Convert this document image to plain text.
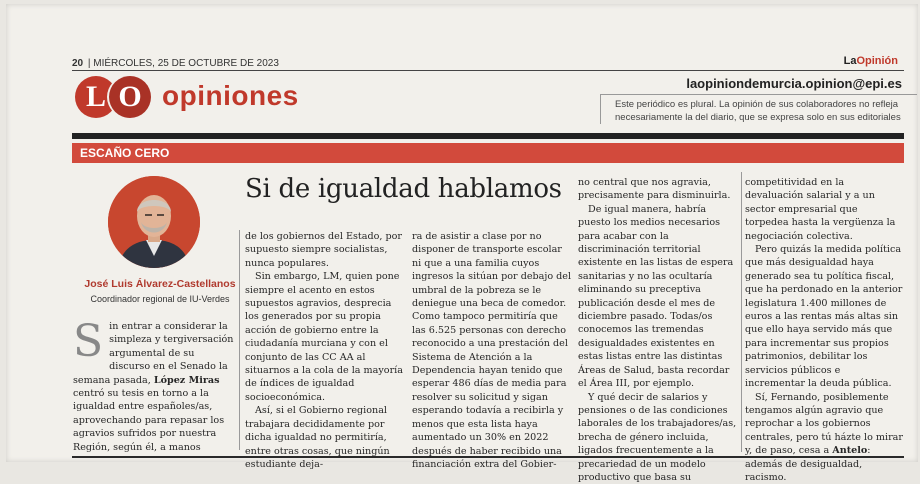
20 | MIÉRCOLES, 25 DE OCTUBRE DE 2023	LaOpinión
L O opiniones	laopiniondemurcia.opinion@epi.es
Este periódico es plural. La opinión de sus colaboradores no refleja necesariamente la del diario, que se expresa solo en sus editoriales
ESCAÑO CERO
José Luis Álvarez-Castellanos
Coordinador regional de IU-Verdes
Si de igualdad hablamos
S in entrar a considerar la simpleza y tergiversación argumental de su discurso en el Senado la semana pasada, López Miras centró su tesis en torno a la igualdad entre españoles/as, aprovechando para repasar los agravios sufridos por nuestra Región, según él, a manos

de los gobiernos del Estado, por supuesto siempre socialistas, nunca populares.

Sin embargo, LM, quien pone siempre el acento en estos supuestos agravios, desprecia los generados por su propia acción de gobierno entre la ciudadanía murciana y con el conjunto de las CC AA al situarnos a la cola de la mayoría de índices de igualdad socioeconómica.

Así, si el Gobierno regional trabajara decididamente por dicha igualdad no permitiría, entre otras cosas, que ningún estudiante deja-

ra de asistir a clase por no disponer de transporte escolar ni que a una familia cuyos ingresos la sitúan por debajo del umbral de la pobreza se le deniegue una beca de comedor. Como tampoco permitiría que las 6.525 personas con derecho reconocido a una prestación del Sistema de Atención a la Dependencia hayan tenido que esperar 486 días de media para resolver su solicitud y sigan esperando todavía a recibirla y menos que esta lista haya aumentado un 30% en 2022 después de haber recibido una financiación extra del Gobier-

no central que nos agravia, precisamente para disminuirla.

De igual manera, habría puesto los medios necesarios para acabar con la discriminación territorial existente en las listas de espera sanitarias y no las ocultaría eliminando su preceptiva publicación desde el mes de diciembre pasado. Todas/os conocemos las tremendas desigualdades existentes en estas listas entre las distintas Áreas de Salud, basta recordar el Área III, por ejemplo.

Y qué decir de salarios y pensiones o de las condiciones laborales de los trabajadores/as, brecha de género incluida, ligados frecuentemente a la precariedad de un modelo productivo que basa su

competitividad en la devaluación salarial y a un sector empresarial que torpedea hasta la vergüenza la negociación colectiva.

Pero quizás la medida política que más desigualdad haya generado sea tu política fiscal, que ha perdonado en la anterior legislatura 1.400 millones de euros a las rentas más altas sin que ello haya servido más que para incrementar sus propios patrimonios, debilitar los servicios públicos e incrementar la deuda pública.

Sí, Fernando, posiblemente tengamos algún agravio que reprochar a los gobiernos centrales, pero tú házte lo mirar y, de paso, cesa a Antelo: además de desigualdad, racismo.
